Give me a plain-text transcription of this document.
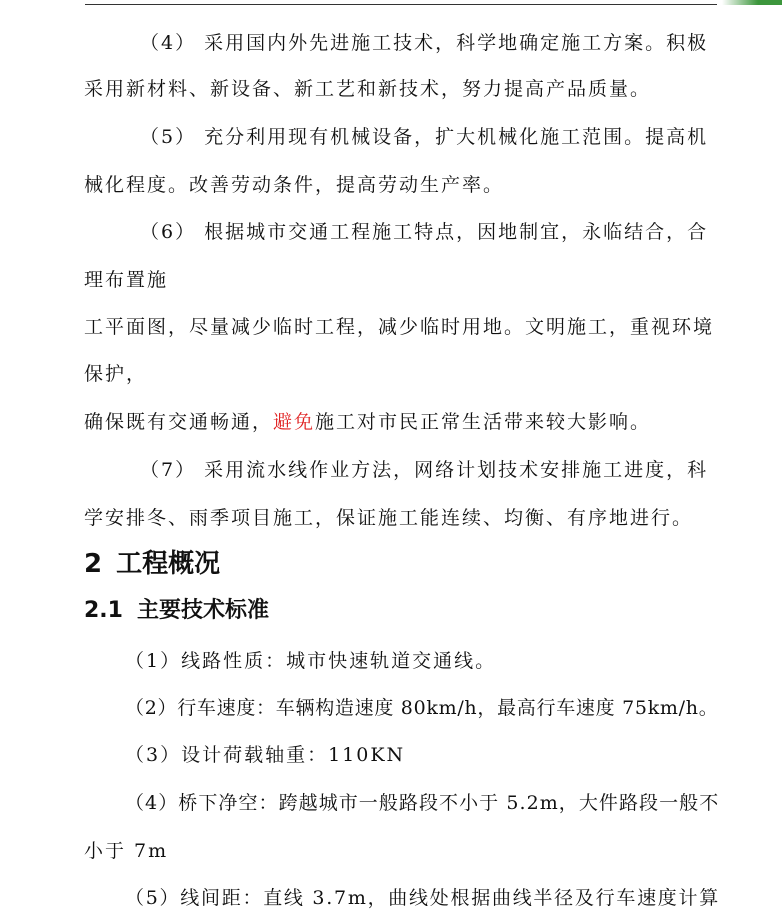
（4） 采用国内外先进施工技术，科学地确定施工方案。积极
采用新材料、新设备、新工艺和新技术，努力提高产品质量。
（5） 充分利用现有机械设备，扩大机械化施工范围。提高机
械化程度。改善劳动条件，提高劳动生产率。
（6） 根据城市交通工程施工特点，因地制宜，永临结合，合
理布置施
工平面图，尽量减少临时工程，减少临时用地。文明施工，重视环境
保护，
确保既有交通畅通，避免施工对市民正常生活带来较大影响。
（7） 采用流水线作业方法，网络计划技术安排施工进度，科
学安排冬、雨季项目施工，保证施工能连续、均衡、有序地进行。
2 工程概况
2.1 主要技术标准
（1）线路性质：城市快速轨道交通线。
（2）行车速度：车辆构造速度 80km/h，最高行车速度 75km/h。
（3）设计荷载轴重：110KN
（4）桥下净空：跨越城市一般路段不小于 5.2m，大件路段一般不
小于 7m
（5）线间距：直线 3.7m，曲线处根据曲线半径及行车速度计算
